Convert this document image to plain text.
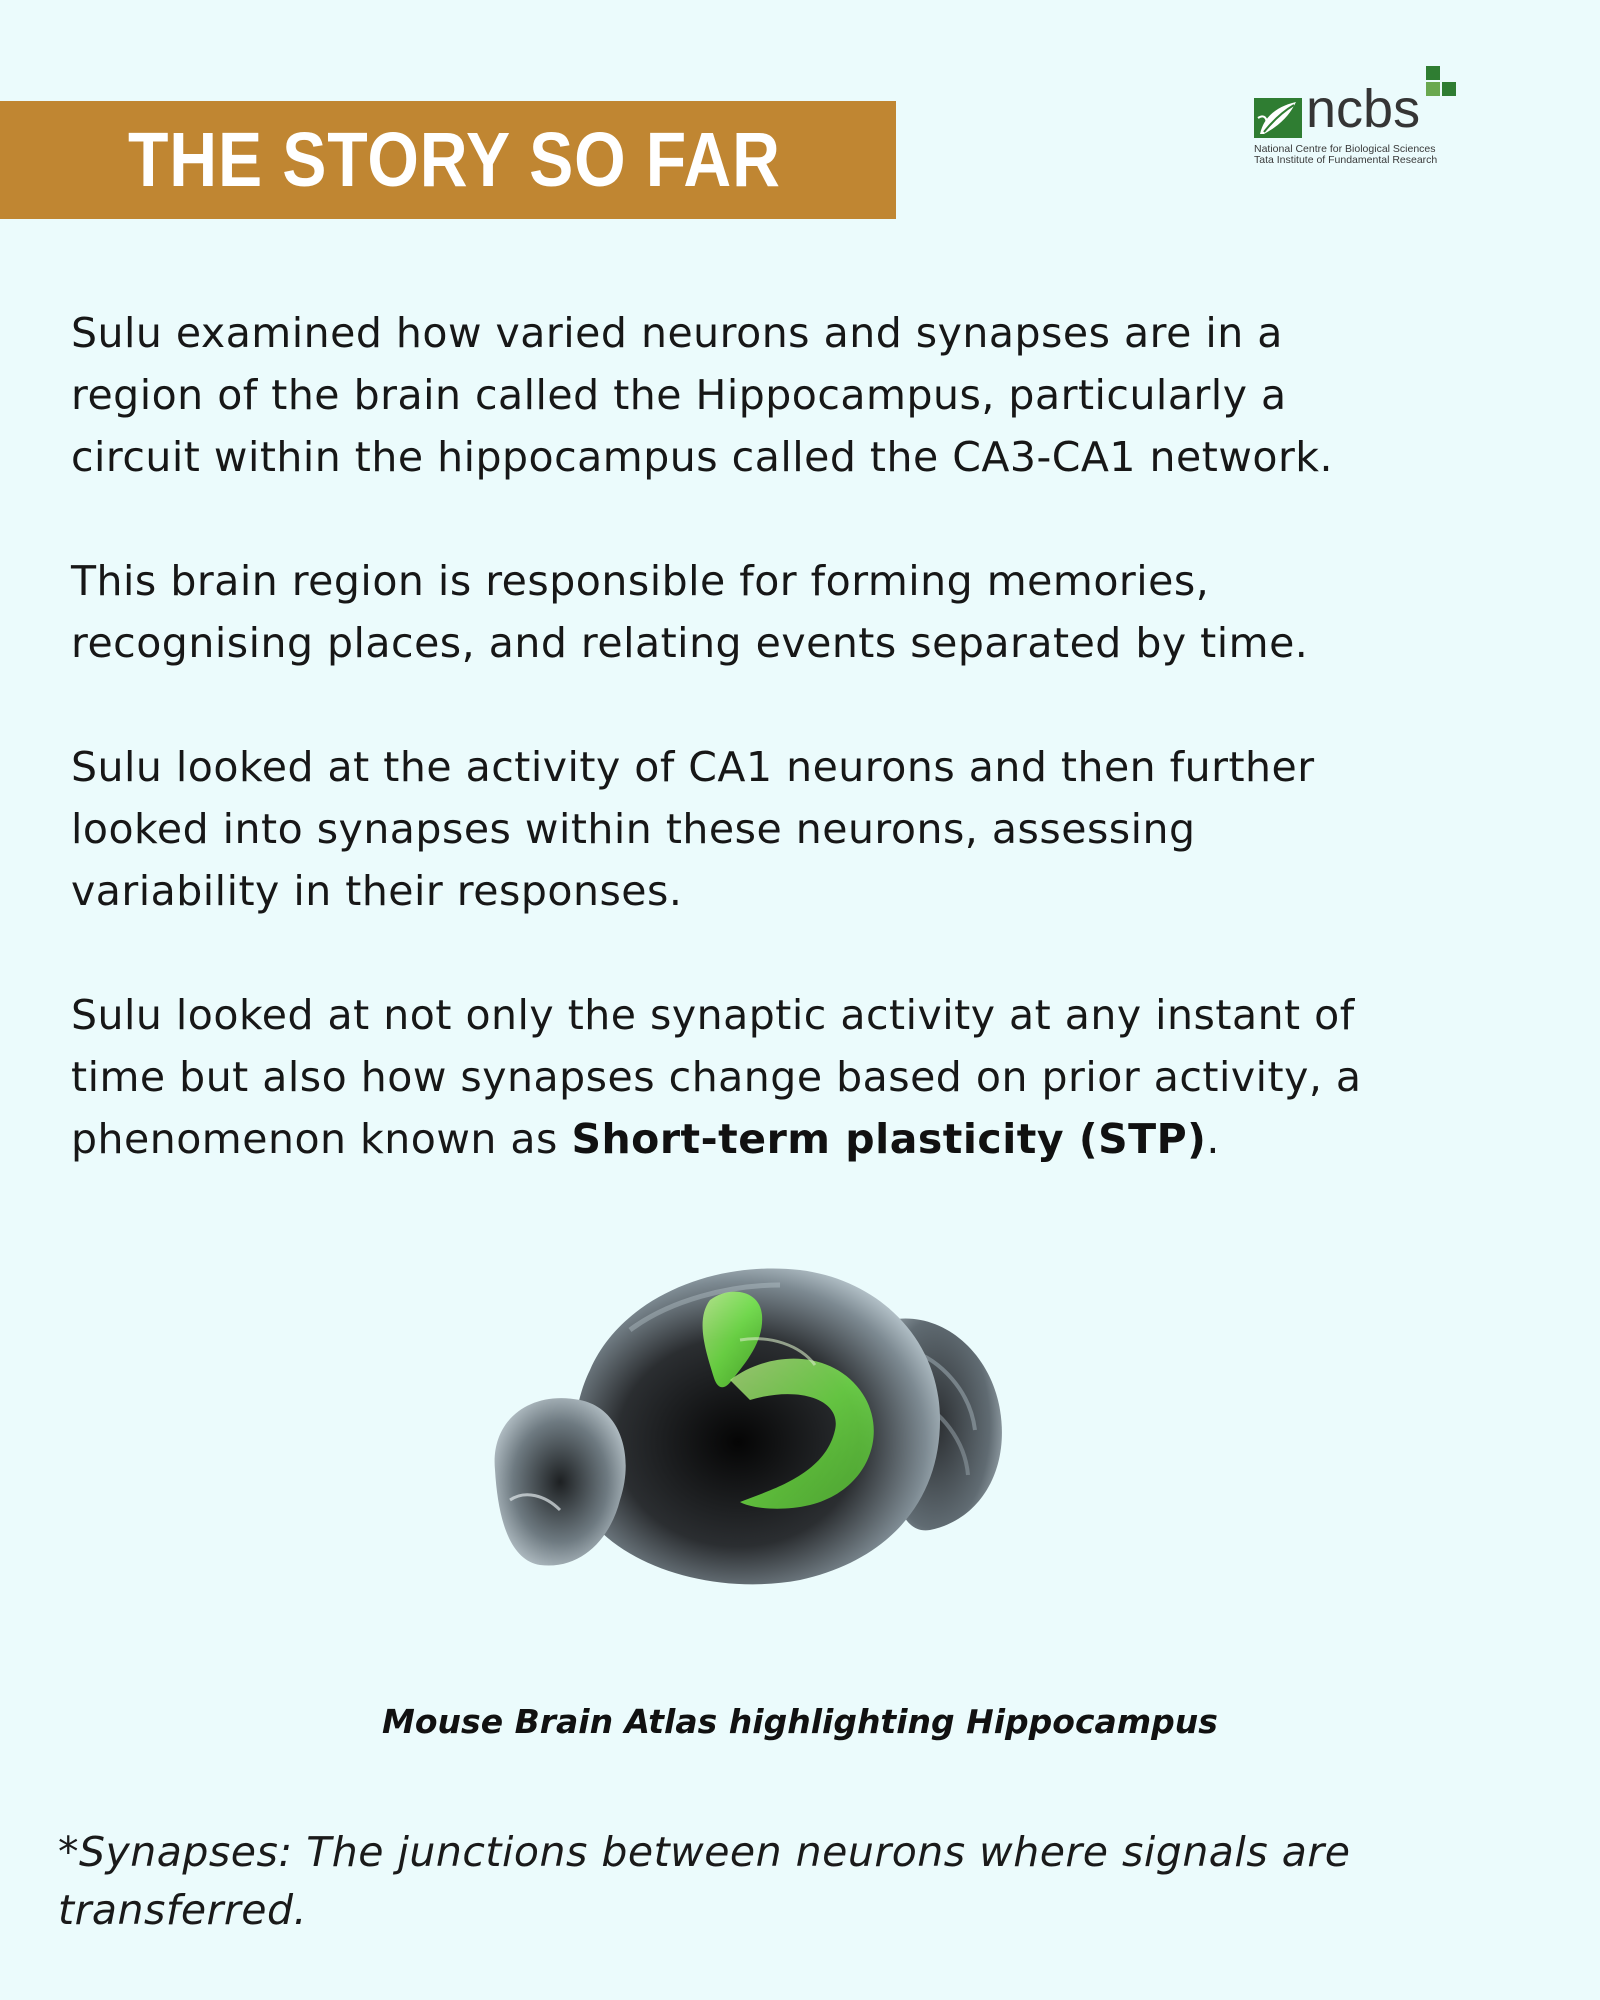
THE STORY SO FAR
ncbs
National Centre for Biological Sciences
Tata Institute of Fundamental Research

Sulu examined how varied neurons and synapses are in a
region of the brain called the Hippocampus, particularly a
circuit within the hippocampus called the CA3-CA1 network.

This brain region is responsible for forming memories,
recognising places, and relating events separated by time.

Sulu looked at the activity of CA1 neurons and then further
looked into synapses within these neurons, assessing
variability in their responses.

Sulu looked at not only the synaptic activity at any instant of
time but also how synapses change based on prior activity, a
phenomenon known as Short-term plasticity (STP).

Mouse Brain Atlas highlighting Hippocampus
*Synapses: The junctions between neurons where signals are
transferred.
